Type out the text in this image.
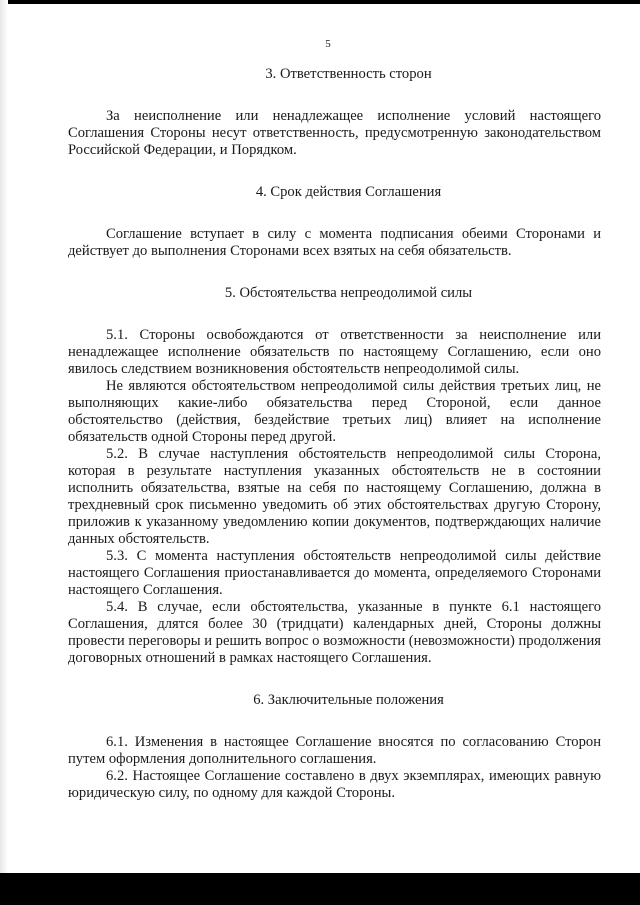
5
3. Ответственность сторон

За неисполнение или ненадлежащее исполнение условий настоящего Соглашения Стороны несут ответственность, предусмотренную законодательством Российской Федерации, и Порядком.

4. Срок действия Соглашения

Соглашение вступает в силу с момента подписания обеими Сторонами и действует до выполнения Сторонами всех взятых на себя обязательств.

5. Обстоятельства непреодолимой силы

5.1. Стороны освобождаются от ответственности за неисполнение или ненадлежащее исполнение обязательств по настоящему Соглашению, если оно явилось следствием возникновения обстоятельств непреодолимой силы.

Не являются обстоятельством непреодолимой силы действия третьих лиц, не выполняющих какие-либо обязательства перед Стороной, если данное обстоятельство (действия, бездействие третьих лиц) влияет на исполнение обязательств одной Стороны перед другой.

5.2. В случае наступления обстоятельств непреодолимой силы Сторона, которая в результате наступления указанных обстоятельств не в состоянии исполнить обязательства, взятые на себя по настоящему Соглашению, должна в трехдневный срок письменно уведомить об этих обстоятельствах другую Сторону, приложив к указанному уведомлению копии документов, подтверждающих наличие данных обстоятельств.

5.3. С момента наступления обстоятельств непреодолимой силы действие настоящего Соглашения приостанавливается до момента, определяемого Сторонами настоящего Соглашения.

5.4. В случае, если обстоятельства, указанные в пункте 6.1 настоящего Соглашения, длятся более 30 (тридцати) календарных дней, Стороны должны провести переговоры и решить вопрос о возможности (невозможности) продолжения договорных отношений в рамках настоящего Соглашения.

6. Заключительные положения

6.1. Изменения в настоящее Соглашение вносятся по согласованию Сторон путем оформления дополнительного соглашения.

6.2. Настоящее Соглашение составлено в двух экземплярах, имеющих равную юридическую силу, по одному для каждой Стороны.
